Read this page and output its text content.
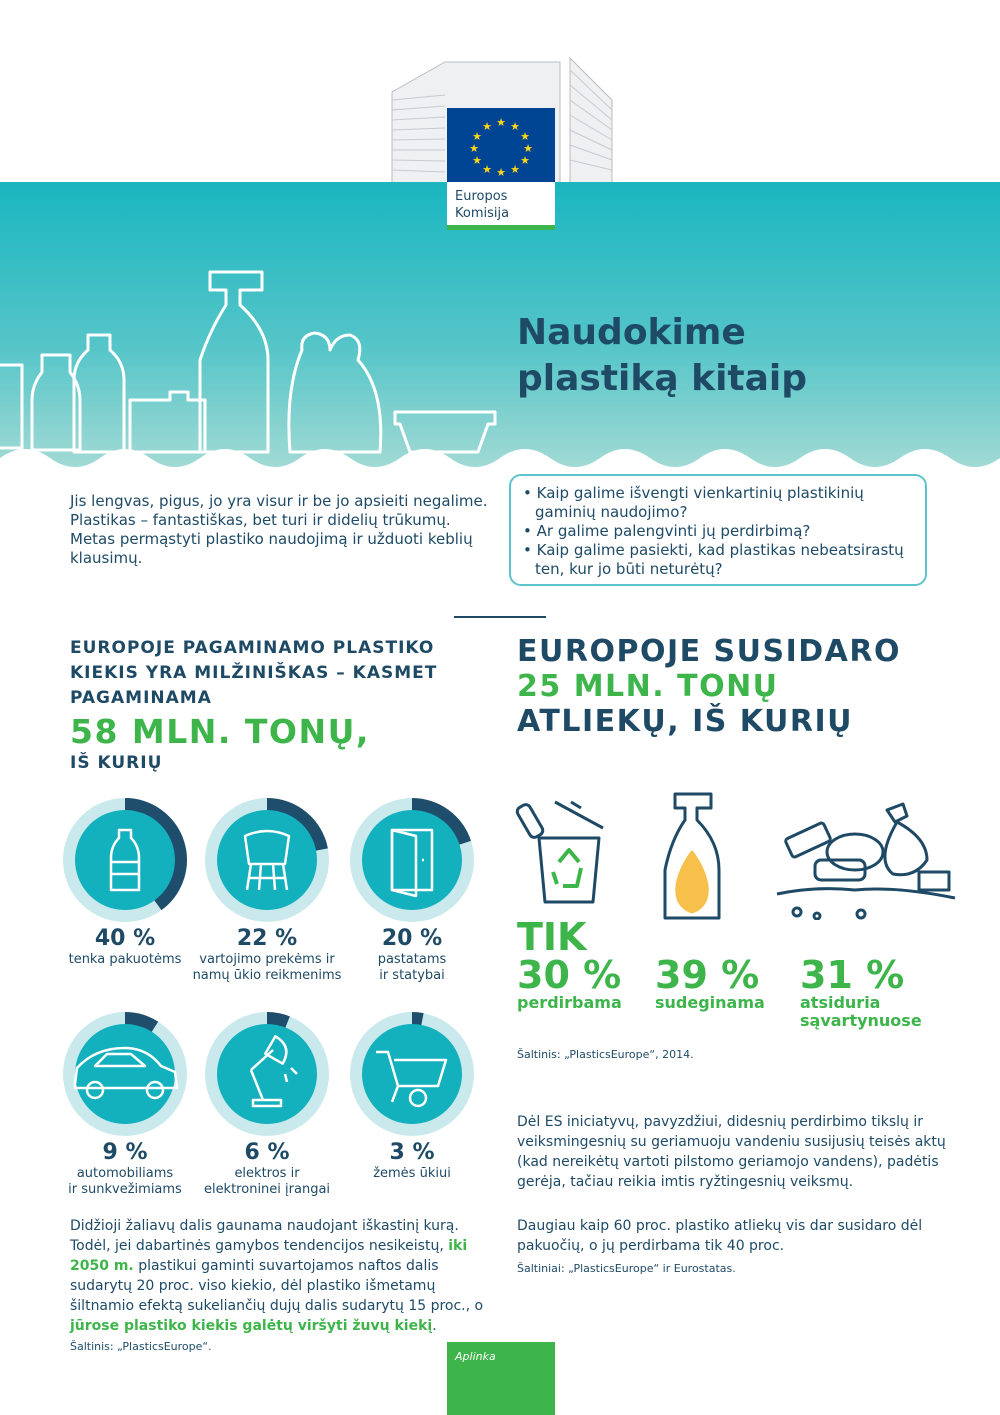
★ ★
★
★
★
★
★
★
★
★
★
★
Europos
Komisija
Naudokime
plastiką kitaip

Jis lengvas, pigus, jo yra visur ir be jo apsieiti negalime. Plastikas – fantastiškas, bet turi ir didelių trūkumų. Metas permąstyti plastiko naudojimą ir užduoti keblių klausimų.

• Kaip galime išvengti vienkartinių plastikinių gaminių naudojimo?
• Ar galime palengvinti jų perdirbimą?
• Kaip galime pasiekti, kad plastikas nebeatsirastų ten, kur jo būti neturėtų?
EUROPOJE PAGAMINAMO PLASTIKO KIEKIS YRA MILŽINIŠKAS – KASMET PAGAMINAMA
58 MLN. TONŲ,
IŠ KURIŲ
EUROPOJE SUSIDARO
25 MLN. TONŲ
ATLIEKŲ, IŠ KURIŲ
40 %
tenka pakuotėms
22 %
vartojimo prekėms ir
namų ūkio reikmenims
20 %
pastatams
ir statybai
9 %
automobiliams
ir sunkvežimiams
6 %
elektros ir
elektroninei įrangai
3 %
žemės ūkiui
TIK
30 %
perdirbama
39 %
sudeginama
31 %
atsiduria
sąvartynuose
Šaltinis: „PlasticsEurope“, 2014.

Didžioji žaliavų dalis gaunama naudojant iškastinį kurą. Todėl, jei dabartinės gamybos tendencijos nesikeistų, iki 2050 m. plastikui gaminti suvartojamos naftos dalis sudarytų 20 proc. viso kiekio, dėl plastiko išmetamų šiltnamio efektą sukeliančių dujų dalis sudarytų 15 proc., o jūrose plastiko kiekis galėtų viršyti žuvų kiekį.

Šaltinis: „PlasticsEurope“.

Dėl ES iniciatyvų, pavyzdžiui, didesnių perdirbimo tikslų ir veiksmingesnių su geriamuoju vandeniu susijusių teisės aktų (kad nereikėtų vartoti pilstomo geriamojo vandens), padėtis gerėja, tačiau reikia imtis ryžtingesnių veiksmų.

Daugiau kaip 60 proc. plastiko atliekų vis dar susidaro dėl pakuočių, o jų perdirbama tik 40 proc.

Šaltiniai: „PlasticsEurope“ ir Eurostatas.
Aplinka
